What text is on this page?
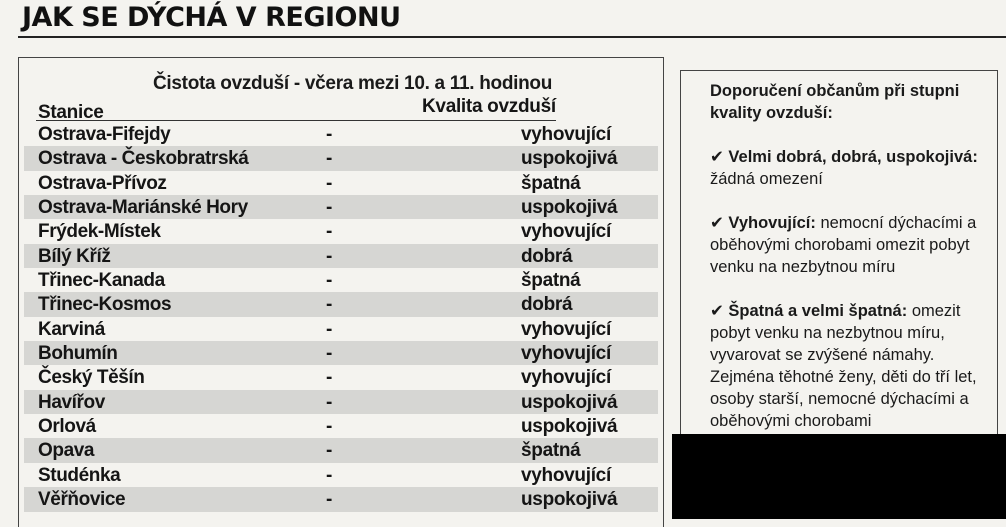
JAK SE DÝCHÁ V REGIONU
Čistota ovzduší - včera mezi 10. a 11. hodinou
Stanice	Kvalita ovzduší
Ostrava-Fifejdy	-	vyhovující
Ostrava - Českobratrská	-	uspokojivá
Ostrava-Přívoz	-	špatná
Ostrava-Mariánské Hory	-	uspokojivá
Frýdek-Místek	-	vyhovující
Bílý Kříž	-	dobrá
Třinec-Kanada	-	špatná
Třinec-Kosmos	-	dobrá
Karviná	-	vyhovující
Bohumín	-	vyhovující
Český Těšín	-	vyhovující
Havířov	-	uspokojivá
Orlová	-	uspokojivá
Opava	-	špatná
Studénka	-	vyhovující
Věřňovice	-	uspokojivá

Doporučení občanům při stupni kvality ovzduší:

✔ Velmi dobrá, dobrá, uspokojivá: žádná omezení

✔ Vyhovující: nemocní dýchacími a oběhovými chorobami omezit pobyt venku na nezbytnou míru

✔ Špatná a velmi špatná: omezit pobyt venku na nezbytnou míru, vyvarovat se zvýšené námahy. Zejména těhotné ženy, děti do tří let, osoby starší, nemocné dýchacími a oběhovými chorobami
